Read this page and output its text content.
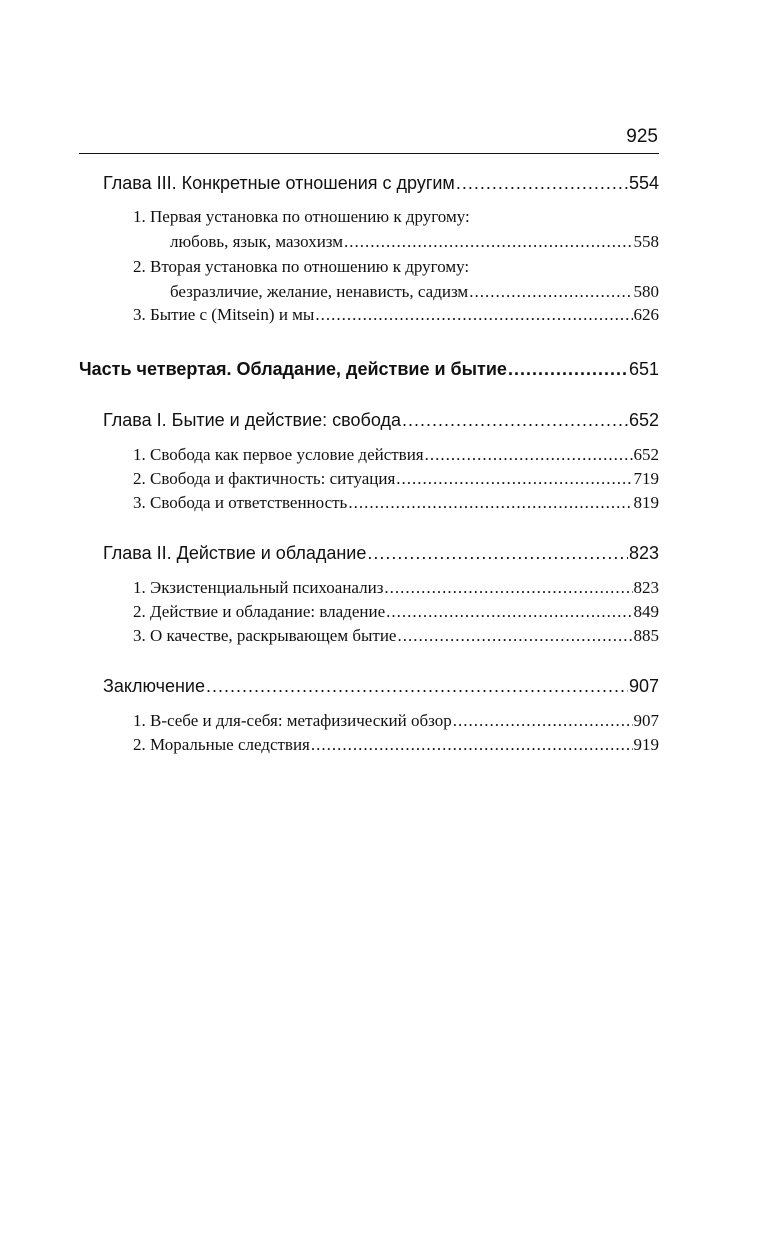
925
Глава III. Конкретные отношения с другим .....	554
1. Первая установка по отношению к другому:
любовь, язык, мазохизм .....	558
2. Вторая установка по отношению к другому:
безразличие, желание, ненависть, садизм .....	580
3. Бытие с (Mitsein) и мы .....	626
Часть четвертая. Обладание, действие и бытие .....	651
Глава I. Бытие и действие: свобода .....	652
1. Свобода как первое условие действия .....	652
2. Свобода и фактичность: ситуация .....	719
3. Свобода и ответственность .....	819
Глава II. Действие и обладание .....	823
1. Экзистенциальный психоанализ .....	823
2. Действие и обладание: владение .....	849
3. О качестве, раскрывающем бытие .....	885
Заключение .....	907
1. В-себе и для-себя: метафизический обзор .....	907
2. Моральные следствия .....	919
